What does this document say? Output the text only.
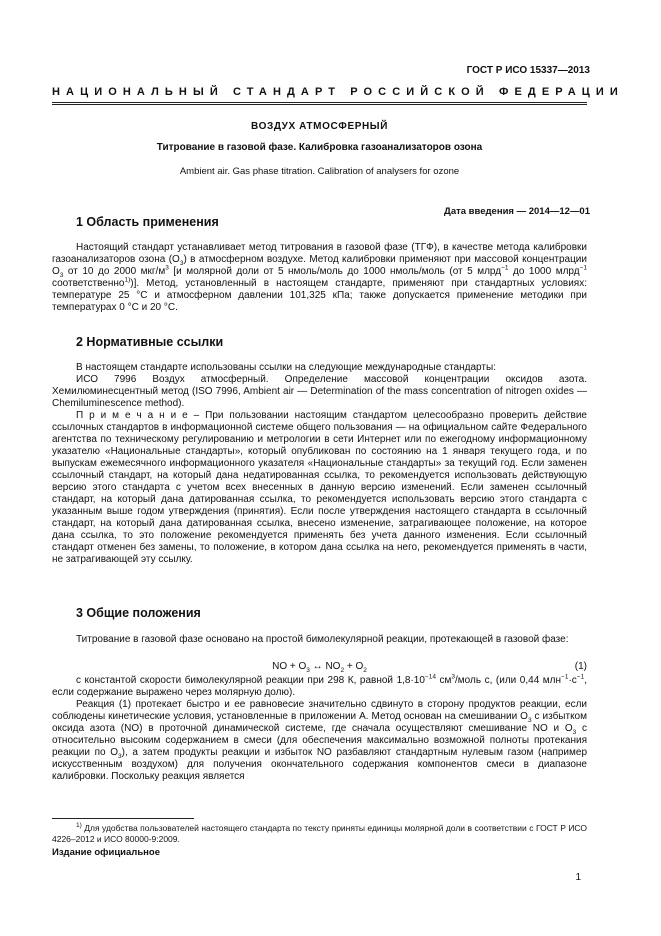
ГОСТ Р ИСО 15337—2013
НАЦИОНАЛЬНЫЙ СТАНДАРТ РОССИЙСКОЙ ФЕДЕРАЦИИ
ВОЗДУХ АТМОСФЕРНЫЙ
Титрование в газовой фазе. Калибровка газоанализаторов озона
Ambient air. Gas phase titration. Calibration of analysers for ozone
Дата введения — 2014—12—01
1 Область применения

Настоящий стандарт устанавливает метод титрования в газовой фазе (ТГФ), в качестве метода калибровки газоанализаторов озона $(O_3)$ в атмосферном воздухе. Метод калибровки применяют при массовой концентрации $O_3$ от 10 до 2000 мкг/$м^3$ [и молярной доли от 5 нмоль/моль до 1000 нмоль/моль (от 5 млрд$^{-1}$ до 1000 млрд$^{-1}$ соответственно$^{1)}$)]. Метод, установленный в настоящем стандарте, применяют при стандартных условиях: температуре 25 °С и атмосферном давлении 101,325 кПа; также допускается применение методики при температурах 0 °С и 20 °С.

2 Нормативные ссылки

В настоящем стандарте использованы ссылки на следующие международные стандарты:

ИСО 7996 Воздух атмосферный. Определение массовой концентрации оксидов азота. Хемилюминесцентный метод (ISO 7996, Ambient air — Determination of the mass concentration of nitrogen oxides — Chemiluminescence method).

П р и м е ч а н и е – При пользовании настоящим стандартом целесообразно проверить действие ссылочных стандартов в информационной системе общего пользования — на официальном сайте Федерального агентства по техническому регулированию и метрологии в сети Интернет или по ежегодному информационному указателю «Национальные стандарты», который опубликован по состоянию на 1 января текущего года, и по выпускам ежемесячного информационного указателя «Национальные стандарты» за текущий год. Если заменен ссылочный стандарт, на который дана недатированная ссылка, то рекомендуется использовать действующую версию этого стандарта с учетом всех внесенных в данную версию изменений. Если заменен ссылочный стандарт, на который дана датированная ссылка, то рекомендуется использовать версию этого стандарта с указанным выше годом утверждения (принятия). Если после утверждения настоящего стандарта в ссылочный стандарт, на который дана датированная ссылка, внесено изменение, затрагивающее положение, на которое дана ссылка, то это положение рекомендуется применять без учета данного изменения. Если ссылочный стандарт отменен без замены, то положение, в котором дана ссылка на него, рекомендуется применять в части, не затрагивающей эту ссылку.

3 Общие положения

Титрование в газовой фазе основано на простой бимолекулярной реакции, протекающей в газовой фазе:

NO + $O_3$ ↔ $NO_2 + O_2$	(1)

с константой скорости бимолекулярной реакции при 298 К, равной $1,8\cdot 10^{-14}$ $см^3$/моль с, (или 0,44 $млн^{-1}\cdot с^{-1}$, если содержание выражено через молярную долю).

Реакция (1) протекает быстро и ее равновесие значительно сдвинуто в сторону продуктов реакции, если соблюдены кинетические условия, установленные в приложении А. Метод основан на смешивании $O_3$ с избытком оксида азота (NO) в проточной динамической системе, где сначала осуществляют смешивание NO и $O_3$ с относительно высоким содержанием в смеси (для обеспечения максимально возможной полноты протекания реакции по $O_3$), а затем продукты реакции и избыток NO разбавляют стандартным нулевым газом (например искусственным воздухом) для получения окончательного содержания компонентов смеси в диапазоне калибровки. Поскольку реакция является

$^{1)}$ Для удобства пользователей настоящего стандарта по тексту приняты единицы молярной доли в соответствии с ГОСТ Р ИСО 4226–2012 и ИСО 80000-9:2009.

Издание официальное
1
